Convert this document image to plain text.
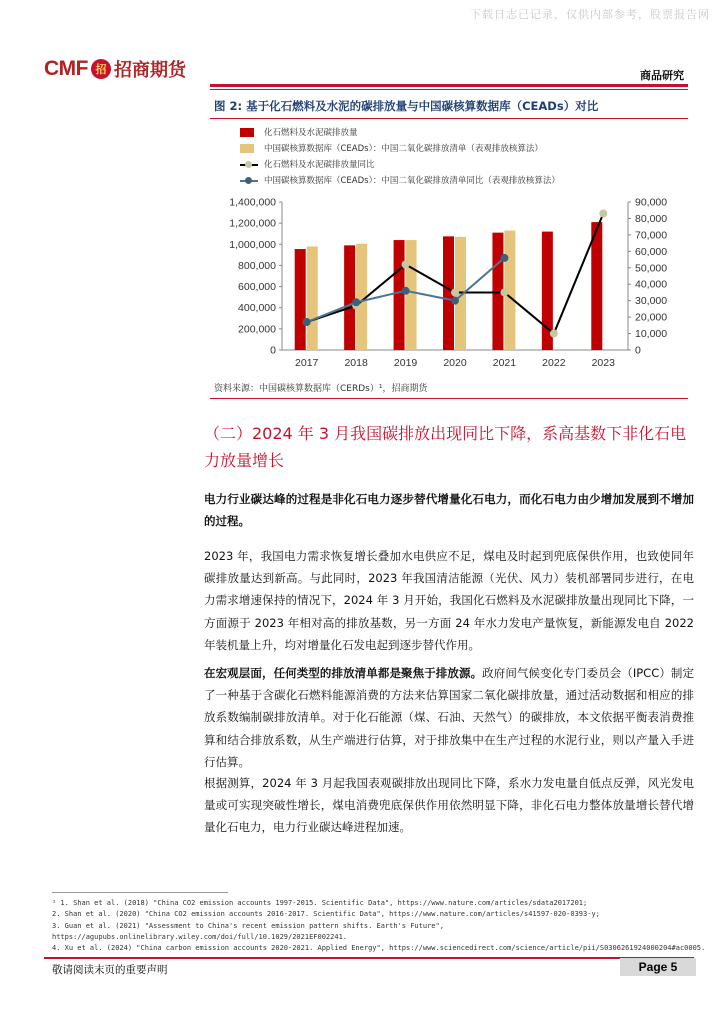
下载日志已记录，仅供内部参考，股票报告网
CMF 招 招商期货	商品研究
图 2: 基于化石燃料及水泥的碳排放量与中国碳核算数据库（CEADs）对比
化石燃料及水泥碳排放量
中国碳核算数据库（CEADs）：中国二氧化碳排放清单（表观排放核算法）
化石燃料及水泥碳排放量同比
中国碳核算数据库（CEADs）：中国二氧化碳排放清单同比（表观排放核算法）
0
200,000
400,000
600,000
800,000
1,000,000
1,200,000
1,400,000
0
10,000
20,000
30,000
40,000
50,000
60,000
70,000
80,000
90,000
2017 2018 2019 2020 2021 2022 2023
资料来源：中国碳核算数据库（CERDs）¹，招商期货
（二）2024 年 3 月我国碳排放出现同比下降，系高基数下非化石电力放量增长
电力行业碳达峰的过程是非化石电力逐步替代增量化石电力，而化石电力由少增加发展到不增加的过程。
2023 年，我国电力需求恢复增长叠加水电供应不足，煤电及时起到兜底保供作用，也致使同年碳排放量达到新高。与此同时，2023 年我国清洁能源（光伏、风力）装机部署同步进行，在电力需求增速保持的情况下，2024 年 3 月开始，我国化石燃料及水泥碳排放量出现同比下降，一方面源于 2023 年相对高的排放基数，另一方面 24 年水力发电产量恢复，新能源发电自 2022 年装机量上升，均对增量化石发电起到逐步替代作用。
在宏观层面，任何类型的排放清单都是聚焦于排放源。政府间气候变化专门委员会（IPCC）制定了一种基于含碳化石燃料能源消费的方法来估算国家二氧化碳排放量，通过活动数据和相应的排放系数编制碳排放清单。对于化石能源（煤、石油、天然气）的碳排放，本文依据平衡表消费推算和结合排放系数，从生产端进行估算，对于排放集中在生产过程的水泥行业，则以产量入手进行估算。
根据测算，2024 年 3 月起我国表观碳排放出现同比下降，系水力发电量自低点反弹，风光发电量或可实现突破性增长，煤电消费兜底保供作用依然明显下降，非化石电力整体放量增长替代增量化石电力，电力行业碳达峰进程加速。
¹ 1. Shan et al. (2018) "China CO2 emission accounts 1997-2015. Scientific Data", https://www.nature.com/articles/sdata2017201;
2. Shan et al. (2020) "China CO2 emission accounts 2016-2017. Scientific Data", https://www.nature.com/articles/s41597-020-0393-y;
3. Guan et al. (2021) "Assessment to China's recent emission pattern shifts. Earth's Future",
https://agupubs.onlinelibrary.wiley.com/doi/full/10.1029/2021EF002241.
4. Xu et al. (2024) "China carbon emission accounts 2020-2021. Applied Energy", https://www.sciencedirect.com/science/article/pii/S0306261924000204#ac0005.
敬请阅读末页的重要声明	Page 5
